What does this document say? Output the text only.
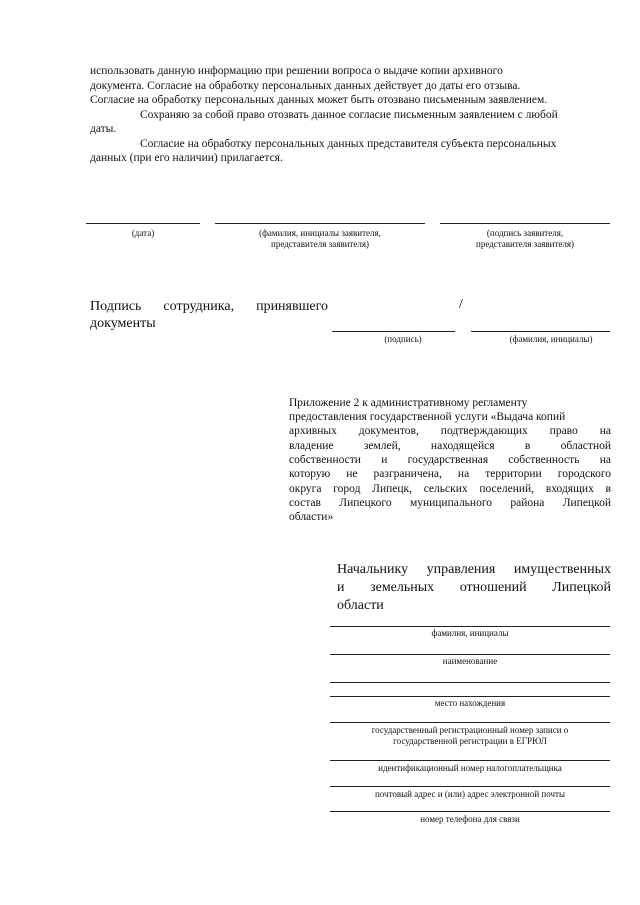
использовать данную информацию при решении вопроса о выдаче копии архивного
документа. Согласие на обработку персональных данных действует до даты его отзыва.
Согласие на обработку персональных данных может быть отозвано письменным заявлением.
Сохраняю за собой право отозвать данное согласие письменным заявлением с любой
даты.
Согласие на обработку персональных данных представителя субъекта персональных
данных (при его наличии) прилагается.
(дата)	(фамилия, инициалы заявителя,
представителя заявителя)
(подпись заявителя,
представителя заявителя)
Подпись сотрудника, принявшего
документы
/
(подпись)	(фамилия, инициалы)
Приложение 2 к административному регламенту
предоставления государственной услуги «Выдача копий
архивных документов, подтверждающих право на
владение землей, находящейся в областной
собственности и государственная собственность на
которую не разграничена, на территории городского
округа город Липецк, сельских поселений, входящих в
состав Липецкого муниципального района Липецкой
области»
Начальнику управления имущественных
и земельных отношений Липецкой
области
фамилия, инициалы
наименование
место нахождения
государственный регистрационный номер записи о
государственной регистрации в ЕГРЮЛ
идентификационный номер налогоплательщика
почтовый адрес и (или) адрес электронной почты
номер телефона для связи
